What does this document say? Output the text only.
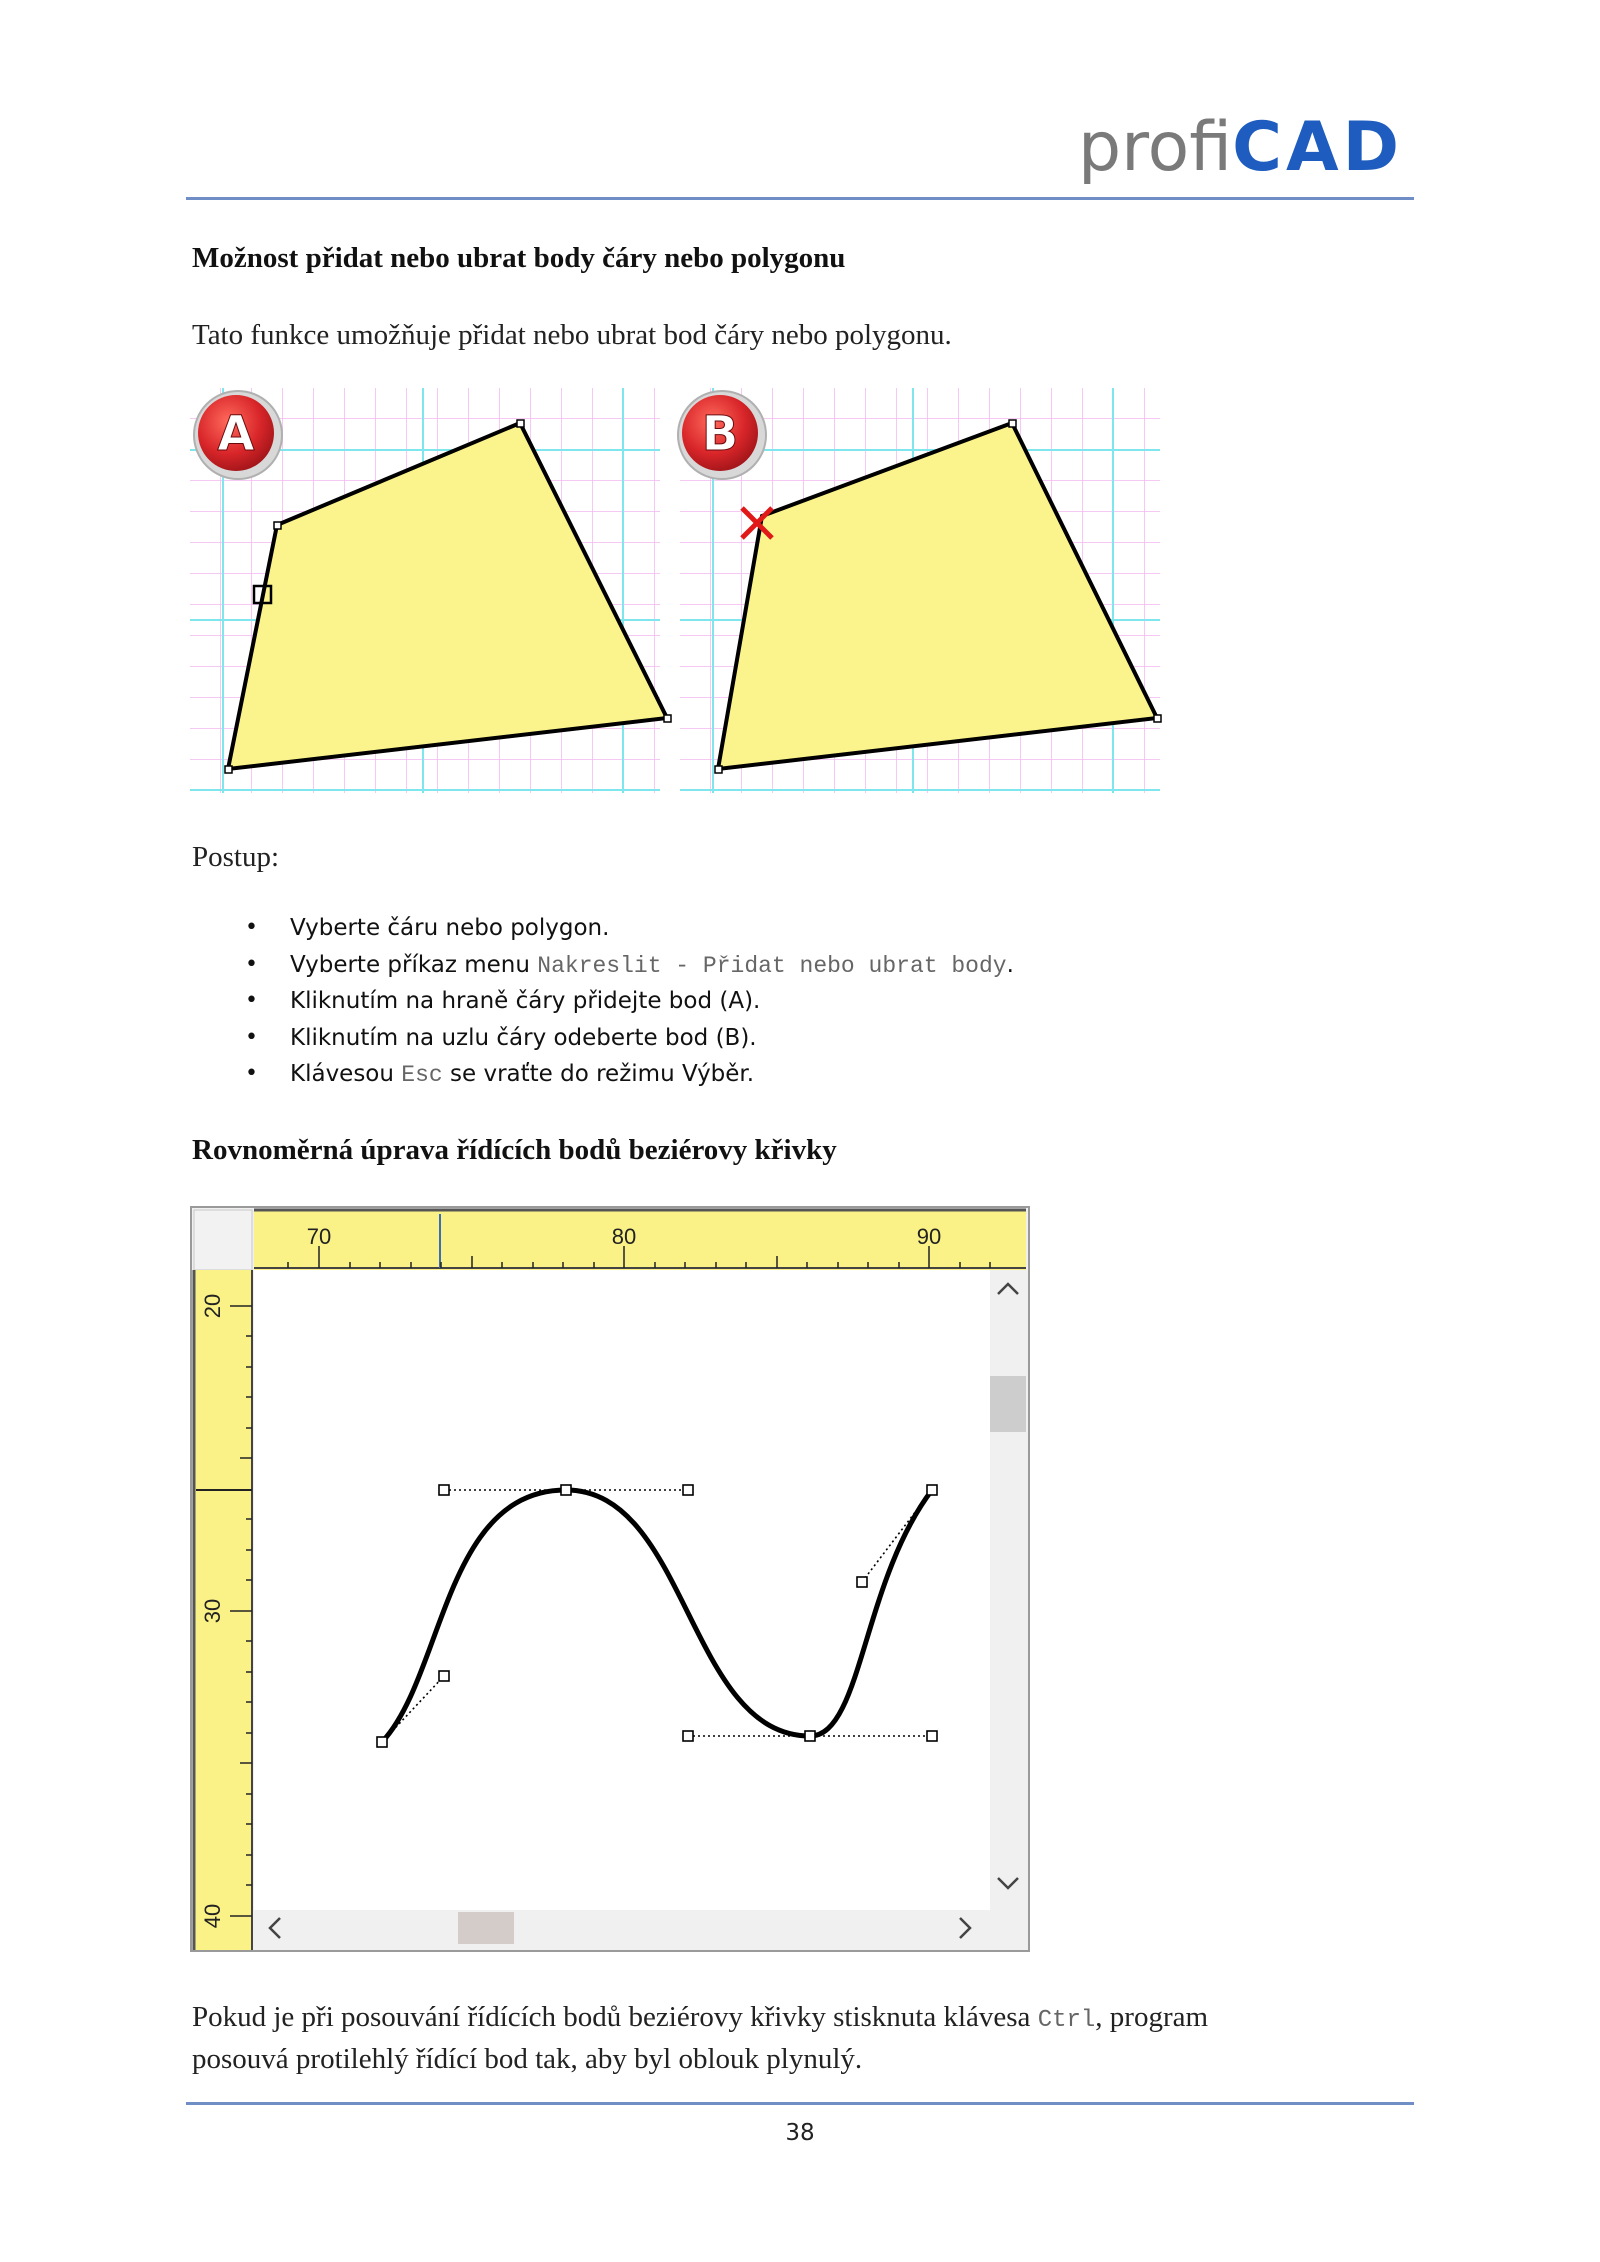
profiCAD
Možnost přidat nebo ubrat body čáry nebo polygonu
Tato funkce umožňuje přidat nebo ubrat bod čáry nebo polygonu.
A	B
Postup:
• Vyberte čáru nebo polygon.
• Vyberte příkaz menu Nakreslit - Přidat nebo ubrat body.
• Kliknutím na hraně čáry přidejte bod (A).
• Kliknutím na uzlu čáry odeberte bod (B).
• Klávesou Esc se vraťte do režimu Výběr.
Rovnoměrná úprava řídících bodů beziérovy křivky
70	80	90
20
30
40
Pokud je při posouvání řídících bodů beziérovy křivky stisknuta klávesa Ctrl, program
posouvá protilehlý řídící bod tak, aby byl oblouk plynulý.
38
